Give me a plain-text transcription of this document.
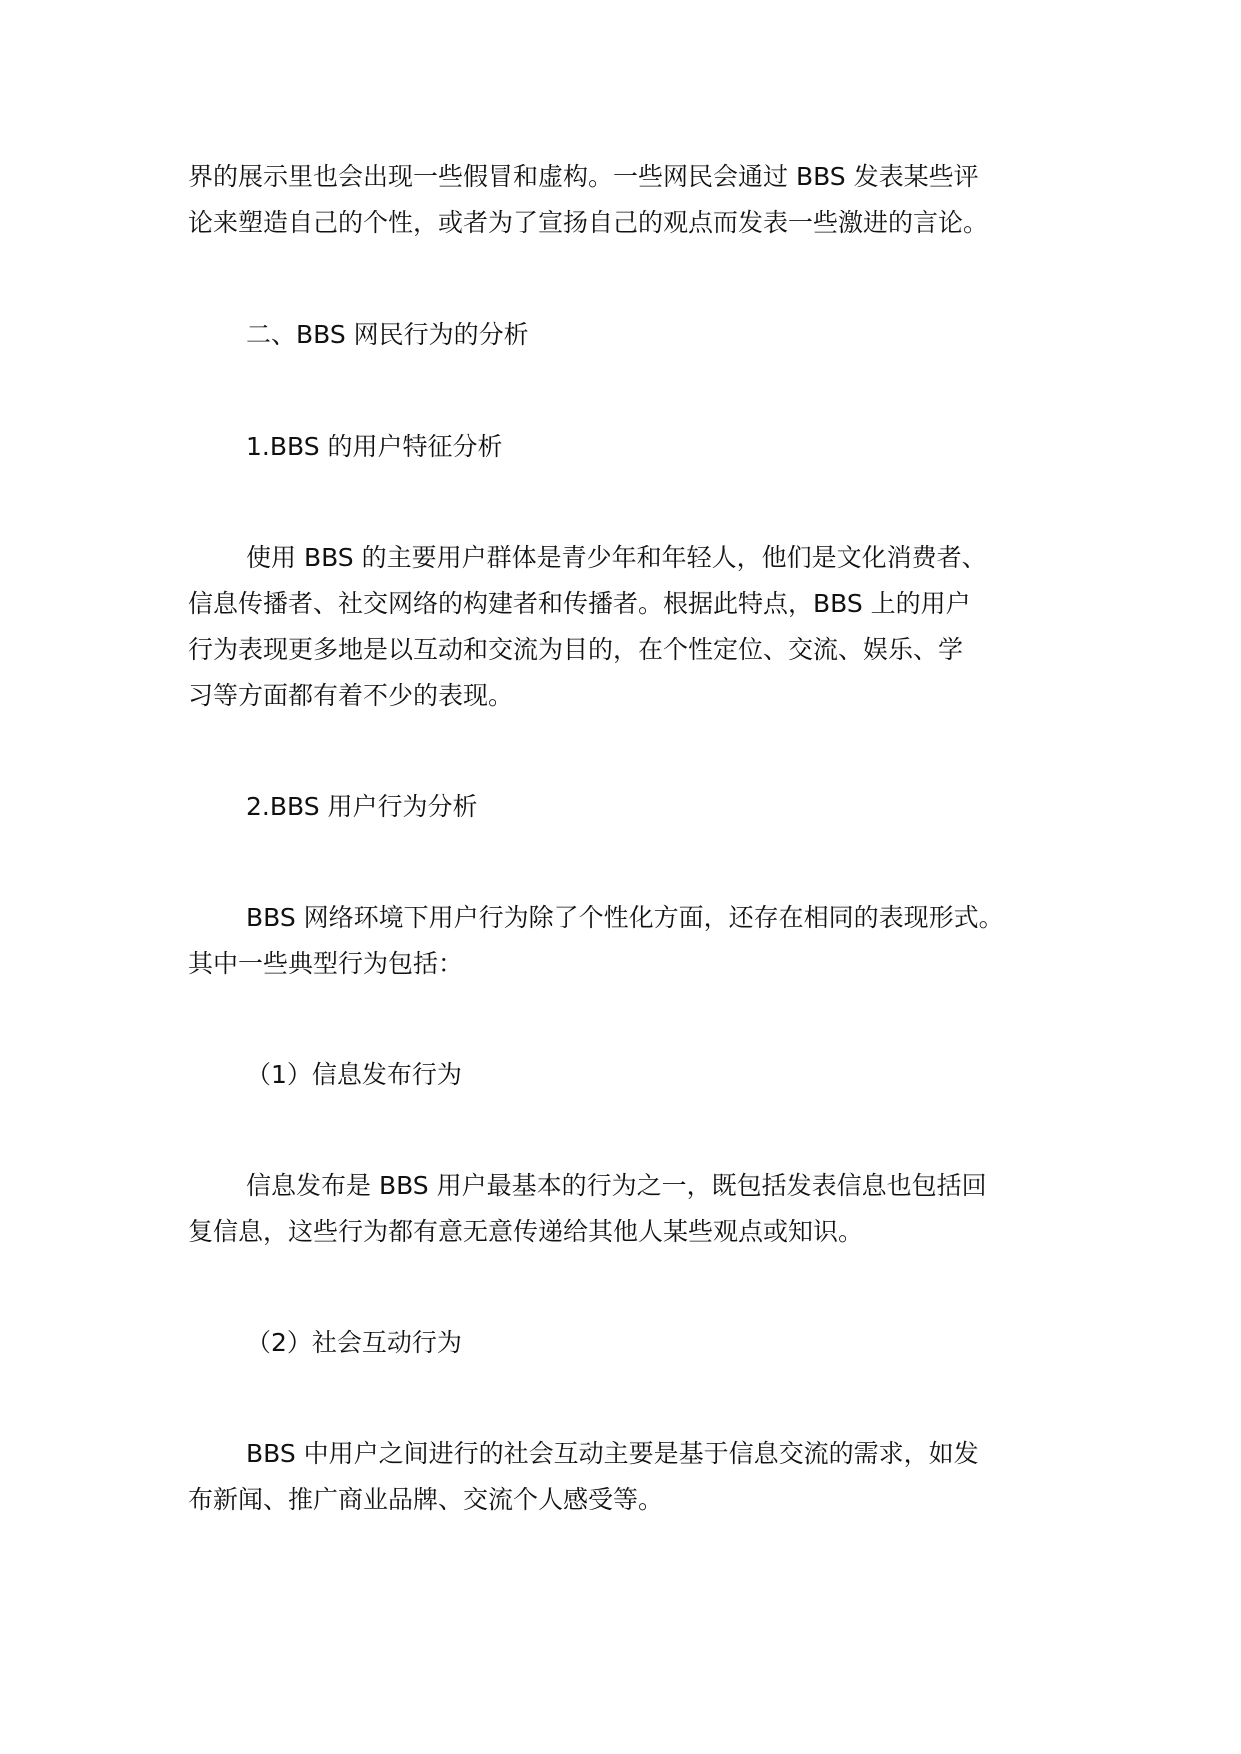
界的展示里也会出现一些假冒和虚构。一些网民会通过 BBS 发表某些评
论来塑造自己的个性，或者为了宣扬自己的观点而发表一些激进的言论。
二、BBS 网民行为的分析
1.BBS 的用户特征分析
使用 BBS 的主要用户群体是青少年和年轻人，他们是文化消费者、
信息传播者、社交网络的构建者和传播者。根据此特点，BBS 上的用户
行为表现更多地是以互动和交流为目的，在个性定位、交流、娱乐、学
习等方面都有着不少的表现。
2.BBS 用户行为分析
BBS 网络环境下用户行为除了个性化方面，还存在相同的表现形式。
其中一些典型行为包括：
（1）信息发布行为
信息发布是 BBS 用户最基本的行为之一，既包括发表信息也包括回
复信息，这些行为都有意无意传递给其他人某些观点或知识。
（2）社会互动行为
BBS 中用户之间进行的社会互动主要是基于信息交流的需求，如发
布新闻、推广商业品牌、交流个人感受等。
